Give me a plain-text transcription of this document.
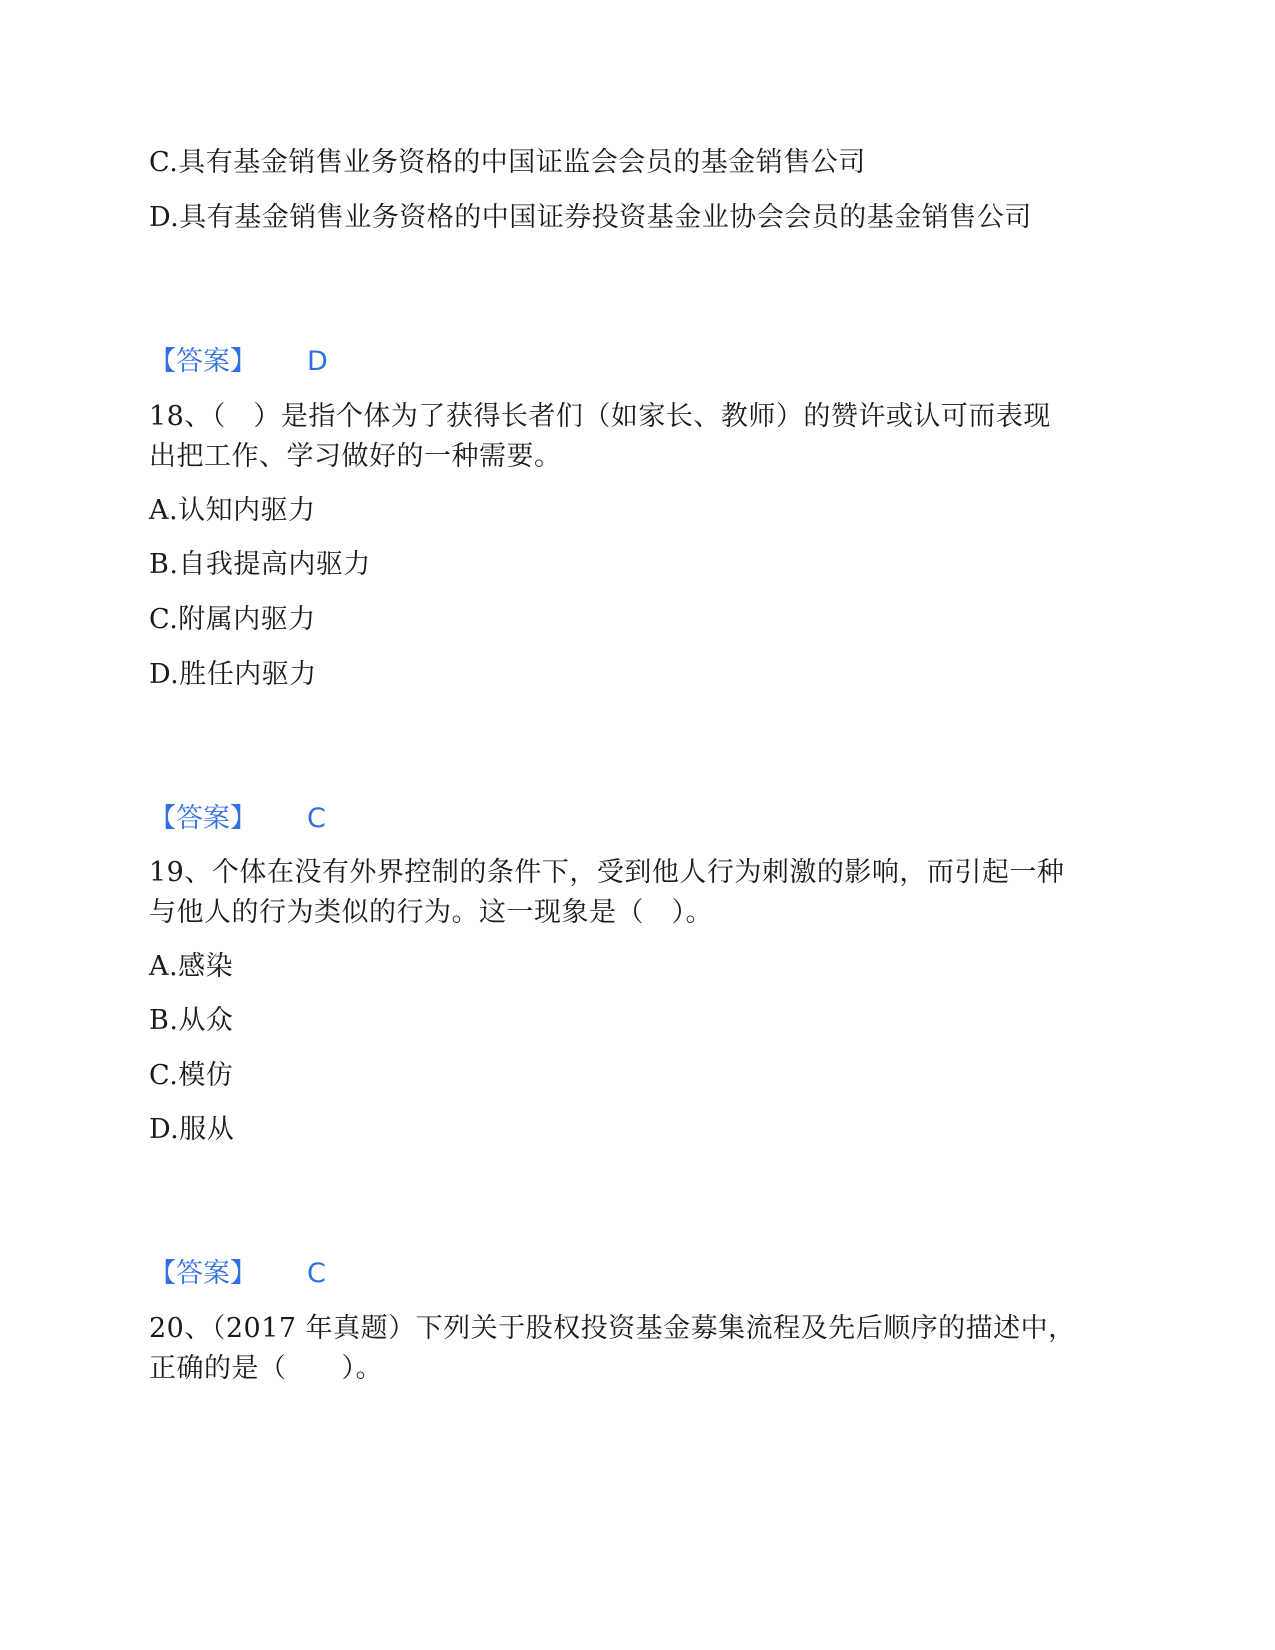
C.具有基金销售业务资格的中国证监会会员的基金销售公司
D.具有基金销售业务资格的中国证券投资基金业协会会员的基金销售公司
【答案】 D
18、（　）是指个体为了获得长者们（如家长、教师）的赞许或认可而表现
出把工作、学习做好的一种需要。
A.认知内驱力
B.自我提高内驱力
C.附属内驱力
D.胜任内驱力
【答案】 C
19、个体在没有外界控制的条件下，受到他人行为刺激的影响，而引起一种
与他人的行为类似的行为。这一现象是（　）。
A.感染
B.从众
C.模仿
D.服从
【答案】 C
20、（2017 年真题）下列关于股权投资基金募集流程及先后顺序的描述中，
正确的是（　　）。
